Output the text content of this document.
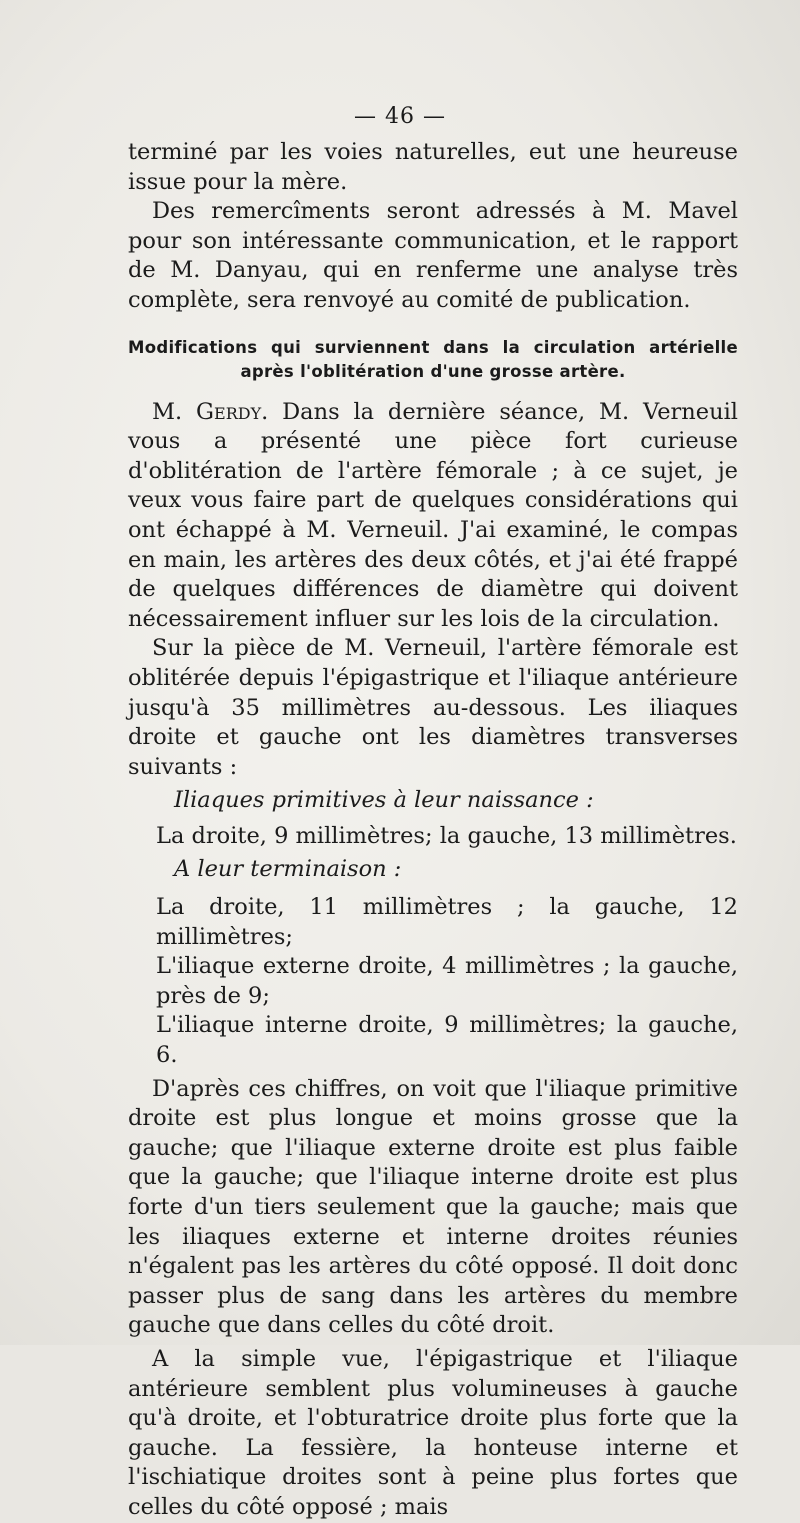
— 46 —

terminé par les voies naturelles, eut une heureuse issue pour la mère.

Des remercîments seront adressés à M. Mavel pour son intéressante communication, et le rapport de M. Danyau, qui en renferme une analyse très complète, sera renvoyé au comité de publication.

Modifications qui surviennent dans la circulation artérielle après l'oblitération d'une grosse artère.

M. Gerdy. Dans la dernière séance, M. Verneuil vous a présenté une pièce fort curieuse d'oblitération de l'artère fémorale ; à ce sujet, je veux vous faire part de quelques considérations qui ont échappé à M. Verneuil. J'ai examiné, le compas en main, les artères des deux côtés, et j'ai été frappé de quelques différences de diamètre qui doivent nécessairement influer sur les lois de la circulation.

Sur la pièce de M. Verneuil, l'artère fémorale est oblitérée depuis l'épigastrique et l'iliaque antérieure jusqu'à 35 millimètres au-dessous. Les iliaques droite et gauche ont les diamètres transverses suivants :

Iliaques primitives à leur naissance :

La droite, 9 millimètres; la gauche, 13 millimètres.

A leur terminaison :

La droite, 11 millimètres ; la gauche, 12 millimètres;

L'iliaque externe droite, 4 millimètres ; la gauche, près de 9;

L'iliaque interne droite, 9 millimètres; la gauche, 6.

D'après ces chiffres, on voit que l'iliaque primitive droite est plus longue et moins grosse que la gauche; que l'iliaque externe droite est plus faible que la gauche; que l'iliaque interne droite est plus forte d'un tiers seulement que la gauche; mais que les iliaques externe et interne droites réunies n'égalent pas les artères du côté opposé. Il doit donc passer plus de sang dans les artères du membre gauche que dans celles du côté droit.

A la simple vue, l'épigastrique et l'iliaque antérieure semblent plus volumineuses à gauche qu'à droite, et l'obturatrice droite plus forte que la gauche. La fessière, la honteuse interne et l'ischiatique droites sont à peine plus fortes que celles du côté opposé ; mais
